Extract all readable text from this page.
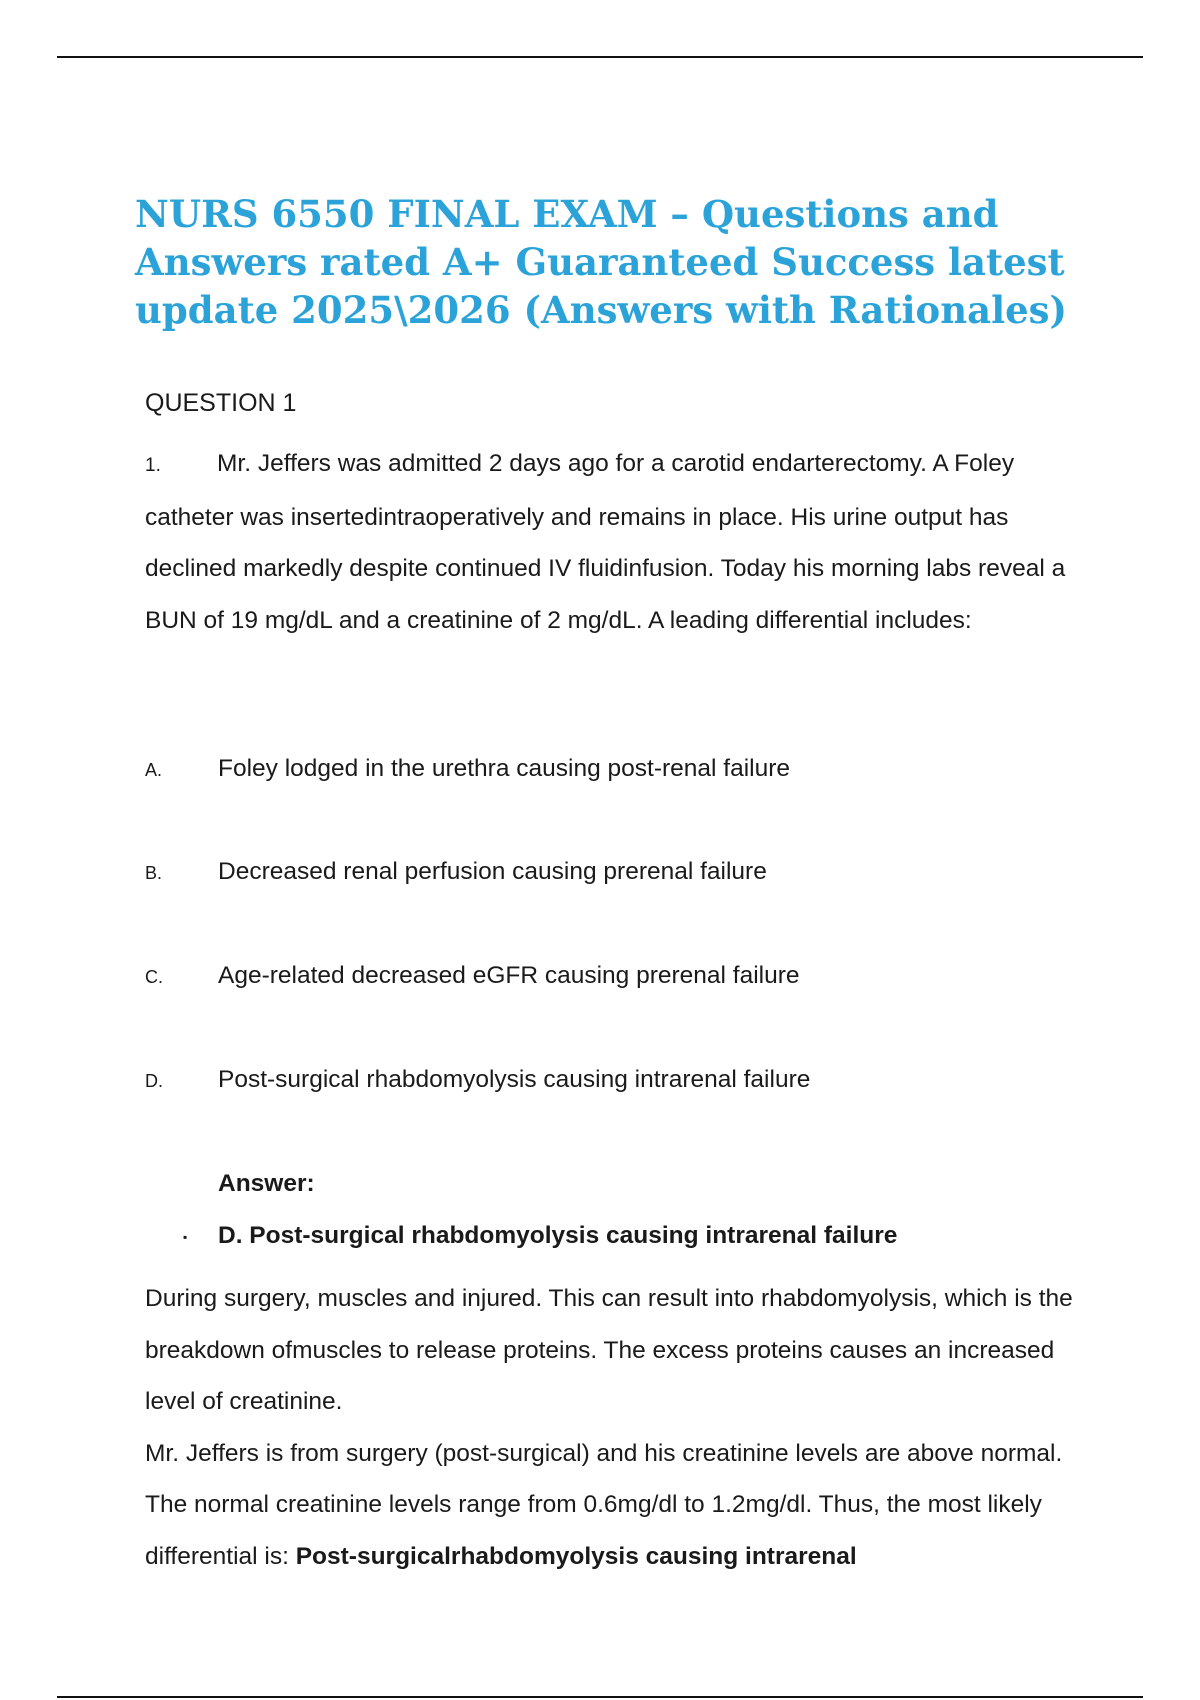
NURS 6550 FINAL EXAM – Questions and Answers rated A+ Guaranteed Success latest update 2025\2026 (Answers with Rationales)
QUESTION 1
1. Mr. Jeffers was admitted 2 days ago for a carotid endarterectomy. A Foley catheter was insertedintraoperatively and remains in place. His urine output has declined markedly despite continued IV fluidinfusion. Today his morning labs reveal a BUN of 19 mg/dL and a creatinine of 2 mg/dL. A leading differential includes:
A. Foley lodged in the urethra causing post-renal failure
B. Decreased renal perfusion causing prerenal failure
C. Age-related decreased eGFR causing prerenal failure
D. Post-surgical rhabdomyolysis causing intrarenal failure
Answer:
▪ D. Post-surgical rhabdomyolysis causing intrarenal failure

During surgery, muscles and injured. This can result into rhabdomyolysis, which is the breakdown ofmuscles to release proteins. The excess proteins causes an increased level of creatinine.

Mr. Jeffers is from surgery (post-surgical) and his creatinine levels are above normal. The normal creatinine levels range from 0.6mg/dl to 1.2mg/dl. Thus, the most likely differential is: Post-surgicalrhabdomyolysis causing intrarenal
